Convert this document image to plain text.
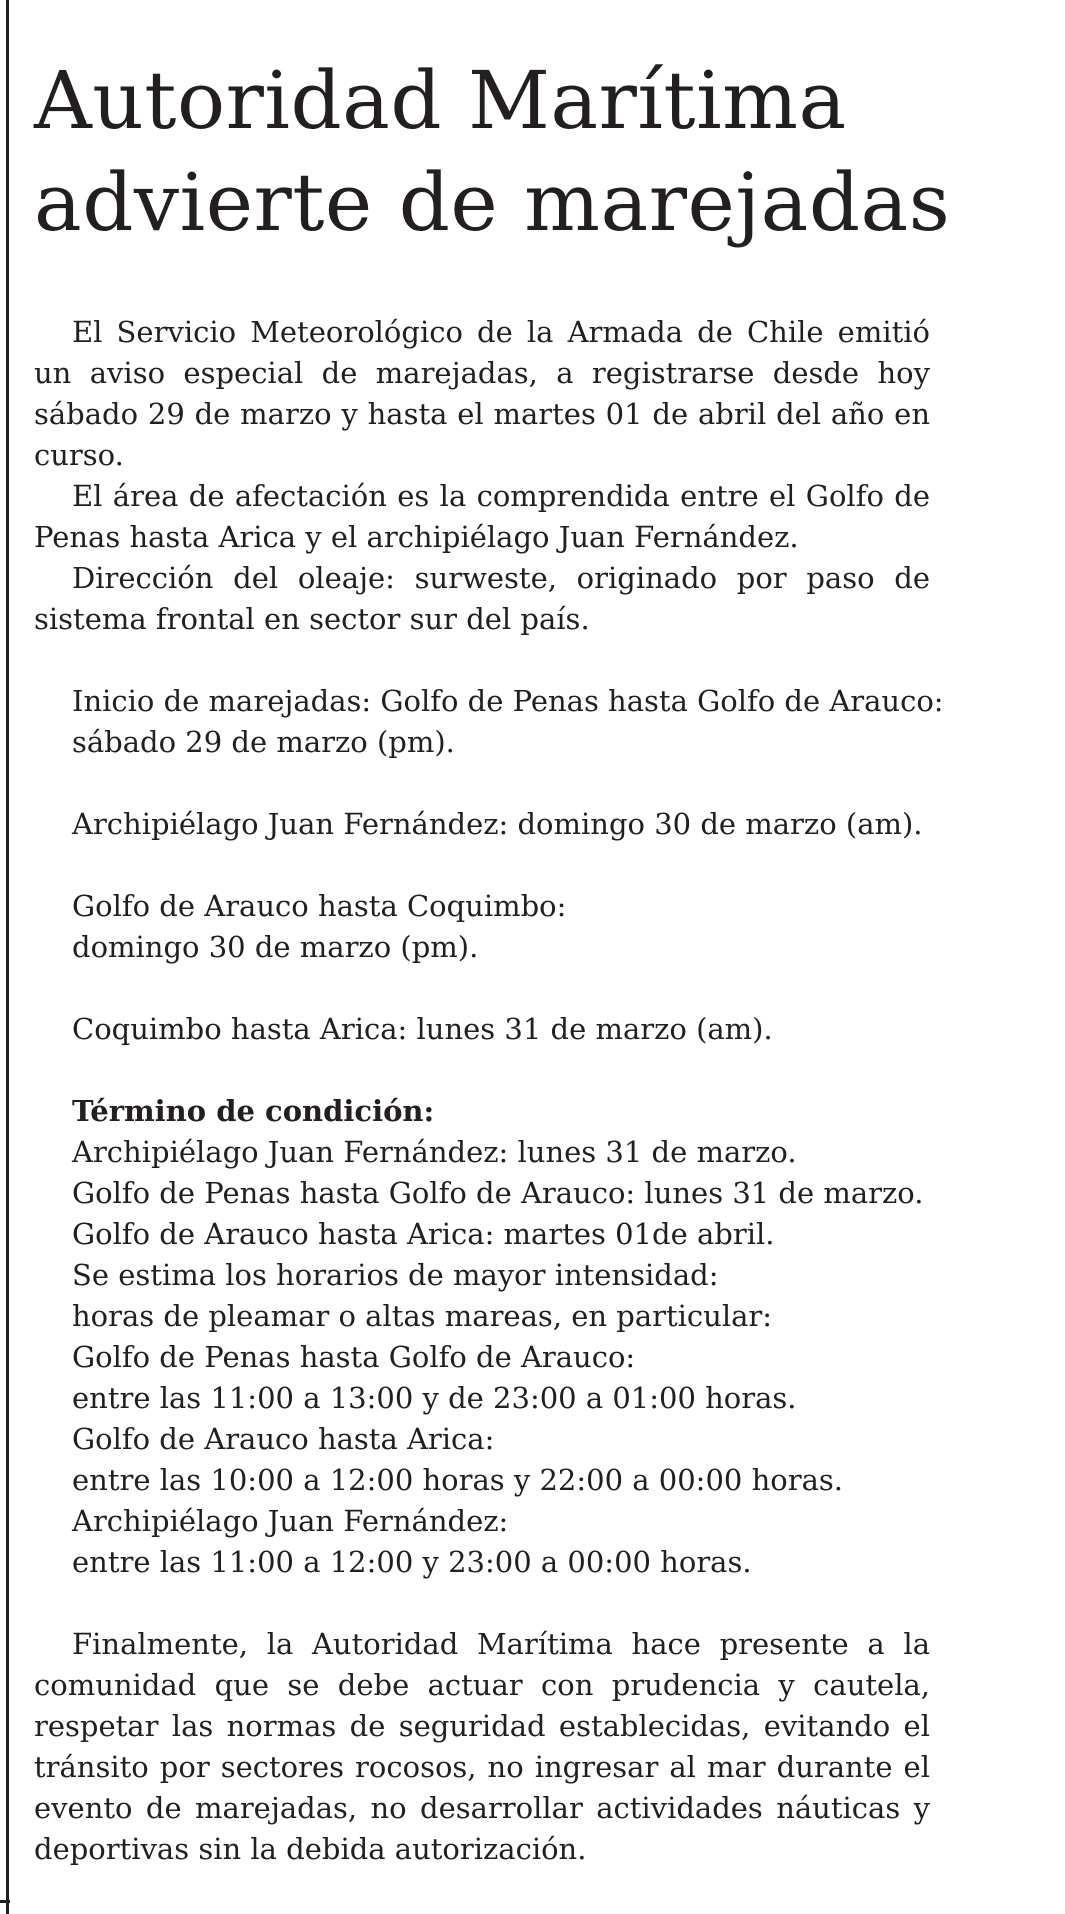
Autoridad Marítima
advierte de marejadas

El Servicio Meteorológico de la Armada de Chile emitió un aviso especial de marejadas, a registrarse desde hoy sábado 29 de marzo y hasta el martes 01 de abril del año en curso.

El área de afectación es la comprendida entre el Golfo de Penas hasta Arica y el archipiélago Juan Fernández.

Dirección del oleaje: surweste, originado por paso de sistema frontal en sector sur del país.

Inicio de marejadas: Golfo de Penas hasta Golfo de Arauco:
sábado 29 de marzo (pm).
Archipiélago Juan Fernández: domingo 30 de marzo (am).
Golfo de Arauco hasta Coquimbo:
domingo 30 de marzo (pm).
Coquimbo hasta Arica: lunes 31 de marzo (am).
Término de condición:
Archipiélago Juan Fernández: lunes 31 de marzo.
Golfo de Penas hasta Golfo de Arauco: lunes 31 de marzo.
Golfo de Arauco hasta Arica: martes 01de abril.
Se estima los horarios de mayor intensidad:
horas de pleamar o altas mareas, en particular:
Golfo de Penas hasta Golfo de Arauco:
entre las 11:00 a 13:00 y de 23:00 a 01:00 horas.
Golfo de Arauco hasta Arica:
entre las 10:00 a 12:00 horas y 22:00 a 00:00 horas.
Archipiélago Juan Fernández:
entre las 11:00 a 12:00 y 23:00 a 00:00 horas.

Finalmente, la Autoridad Marítima hace presente a la comunidad que se debe actuar con prudencia y cautela, respetar las normas de seguridad establecidas, evitando el tránsito por sectores rocosos, no ingresar al mar durante el evento de marejadas, no desarrollar actividades náuticas y deportivas sin la debida autorización.
